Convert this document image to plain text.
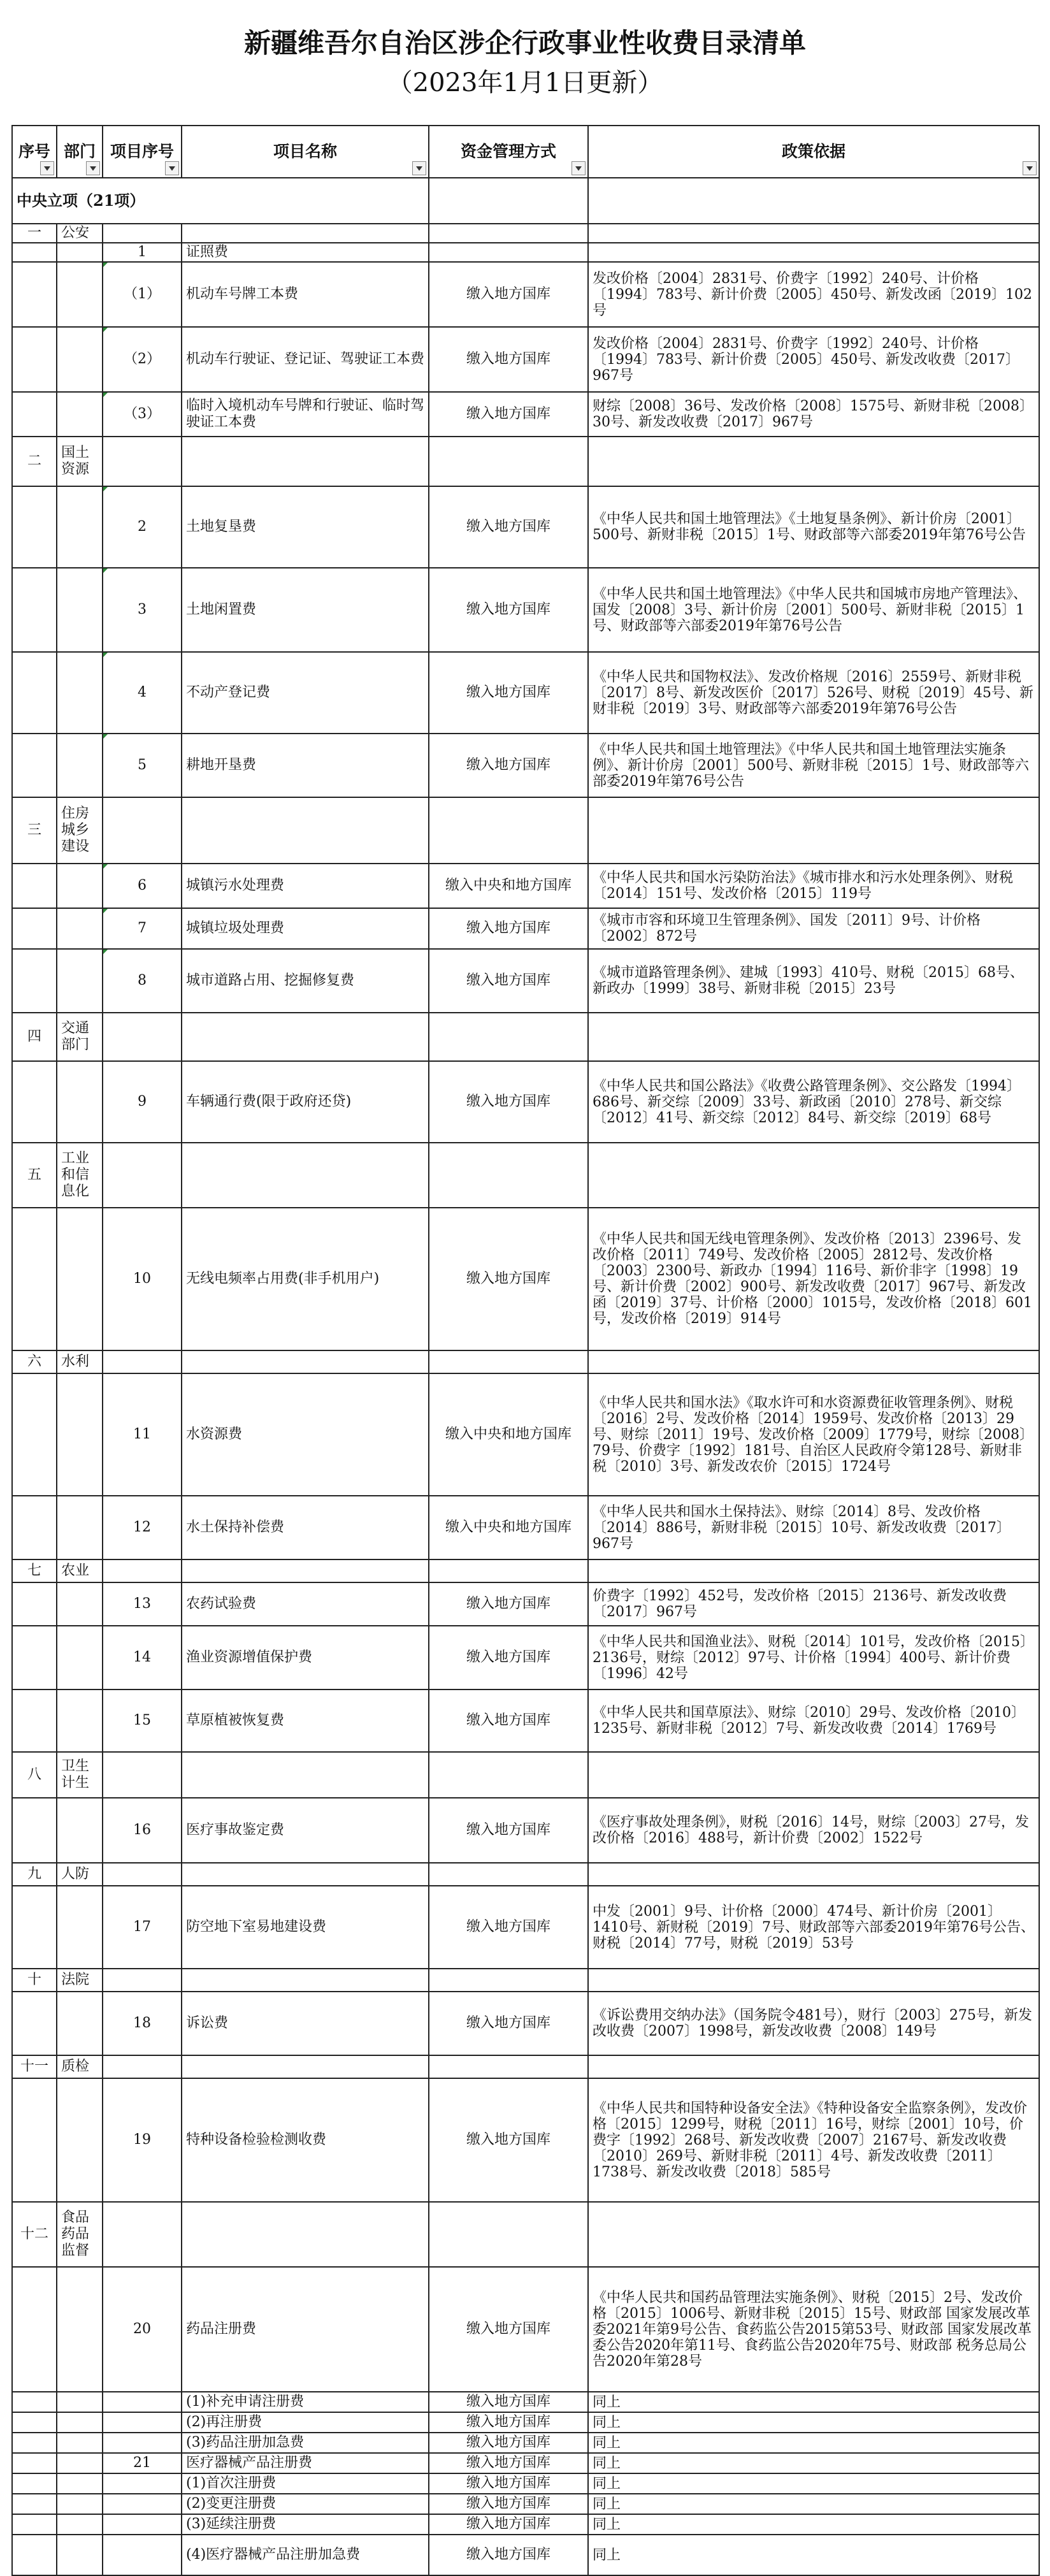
新疆维吾尔自治区涉企行政事业性收费目录清单
（2023年1月1日更新）
序号	部门	项目序号	项目名称	资金管理方式	政策依据

中央立项（21项）					
一	公安				
		1	证照费		
		（1）	机动车号牌工本费	缴入地方国库	发改价格〔2004〕2831号、价费字〔1992〕240号、计价格〔1994〕783号、新计价费〔2005〕450号、新发改函〔2019〕102号
		（2）	机动车行驶证、登记证、驾驶证工本费	缴入地方国库	发改价格〔2004〕2831号、价费字〔1992〕240号、计价格〔1994〕783号、新计价费〔2005〕450号、新发改收费〔2017〕967号
		（3）	临时入境机动车号牌和行驶证、临时驾驶证工本费	缴入地方国库	财综〔2008〕36号、发改价格〔2008〕1575号、新财非税〔2008〕30号、新发改收费〔2017〕967号
二	国土资源				
		2	土地复垦费	缴入地方国库	《中华人民共和国土地管理法》《土地复垦条例》、新计价房〔2001〕500号、新财非税〔2015〕1号、财政部等六部委2019年第76号公告
		3	土地闲置费	缴入地方国库	《中华人民共和国土地管理法》《中华人民共和国城市房地产管理法》、国发〔2008〕3号、新计价房〔2001〕500号、新财非税〔2015〕1号、财政部等六部委2019年第76号公告
		4	不动产登记费	缴入地方国库	《中华人民共和国物权法》、发改价格规〔2016〕2559号、新财非税〔2017〕8号、新发改医价〔2017〕526号、财税〔2019〕45号、新财非税〔2019〕3号、财政部等六部委2019年第76号公告
		5	耕地开垦费	缴入地方国库	《中华人民共和国土地管理法》《中华人民共和国土地管理法实施条例》、新计价房〔2001〕500号、新财非税〔2015〕1号、财政部等六部委2019年第76号公告
三	住房城乡建设				
		6	城镇污水处理费	缴入中央和地方国库	《中华人民共和国水污染防治法》《城市排水和污水处理条例》、财税〔2014〕151号、发改价格〔2015〕119号
		7	城镇垃圾处理费	缴入地方国库	《城市市容和环境卫生管理条例》、国发〔2011〕9号、计价格〔2002〕872号
		8	城市道路占用、挖掘修复费	缴入地方国库	《城市道路管理条例》、建城〔1993〕410号、财税〔2015〕68号、新政办〔1999〕38号、新财非税〔2015〕23号
四	交通部门				
		9	车辆通行费(限于政府还贷)	缴入地方国库	《中华人民共和国公路法》《收费公路管理条例》、交公路发〔1994〕686号、新交综〔2009〕33号、新政函〔2010〕278号、新交综〔2012〕41号、新交综〔2012〕84号、新交综〔2019〕68号
五	工业和信息化				
		10	无线电频率占用费(非手机用户)	缴入地方国库	《中华人民共和国无线电管理条例》、发改价格〔2013〕2396号、发改价格〔2011〕749号、发改价格〔2005〕2812号、发改价格〔2003〕2300号、新政办〔1994〕116号、新价非字〔1998〕19号、新计价费〔2002〕900号、新发改收费〔2017〕967号、新发改函〔2019〕37号、计价格〔2000〕1015号，发改价格〔2018〕601号，发改价格〔2019〕914号
六	水利				
		11	水资源费	缴入中央和地方国库	《中华人民共和国水法》《取水许可和水资源费征收管理条例》、财税〔2016〕2号、发改价格〔2014〕1959号、发改价格〔2013〕29号、财综〔2011〕19号、发改价格〔2009〕1779号，财综〔2008〕79号、价费字〔1992〕181号、自治区人民政府令第128号、新财非税〔2010〕3号、新发改农价〔2015〕1724号
		12	水土保持补偿费	缴入中央和地方国库	《中华人民共和国水土保持法》、财综〔2014〕8号、发改价格〔2014〕886号，新财非税〔2015〕10号、新发改收费〔2017〕967号
七	农业				
		13	农药试验费	缴入地方国库	价费字〔1992〕452号，发改价格〔2015〕2136号、新发改收费〔2017〕967号
		14	渔业资源增值保护费	缴入地方国库	《中华人民共和国渔业法》、财税〔2014〕101号，发改价格〔2015〕2136号，财综〔2012〕97号、计价格〔1994〕400号、新计价费〔1996〕42号
		15	草原植被恢复费	缴入地方国库	《中华人民共和国草原法》、财综〔2010〕29号、发改价格〔2010〕1235号、新财非税〔2012〕7号、新发改收费〔2014〕1769号
八	卫生计生				
		16	医疗事故鉴定费	缴入地方国库	《医疗事故处理条例》，财税〔2016〕14号，财综〔2003〕27号，发改价格〔2016〕488号，新计价费〔2002〕1522号
九	人防				
		17	防空地下室易地建设费	缴入地方国库	中发〔2001〕9号、计价格〔2000〕474号、新计价房〔2001〕1410号、新财税〔2019〕7号、财政部等六部委2019年第76号公告、财税〔2014〕77号，财税〔2019〕53号
十	法院				
		18	诉讼费	缴入地方国库	《诉讼费用交纳办法》（国务院令481号），财行〔2003〕275号，新发改收费〔2007〕1998号，新发改收费〔2008〕149号
十一	质检				
		19	特种设备检验检测收费	缴入地方国库	《中华人民共和国特种设备安全法》《特种设备安全监察条例》，发改价格〔2015〕1299号，财税〔2011〕16号，财综〔2001〕10号，价费字〔1992〕268号、新发改收费〔2007〕2167号、新发改收费〔2010〕269号、新财非税〔2011〕4号、新发改收费〔2011〕1738号、新发改收费〔2018〕585号
十二	食品药品监督				
		20	药品注册费	缴入地方国库	《中华人民共和国药品管理法实施条例》、财税〔2015〕2号、发改价格〔2015〕1006号、新财非税〔2015〕15号、财政部 国家发展改革委2021年第9号公告、食药监公告2015第53号、财政部 国家发展改革委公告2020年第11号、食药监公告2020年75号、财政部 税务总局公告2020年第28号
			(1)补充申请注册费	缴入地方国库	同上
			(2)再注册费	缴入地方国库	同上
			(3)药品注册加急费	缴入地方国库	同上
		21	医疗器械产品注册费	缴入地方国库	同上
			(1)首次注册费	缴入地方国库	同上
			(2)变更注册费	缴入地方国库	同上
			(3)延续注册费	缴入地方国库	同上
			(4)医疗器械产品注册加急费	缴入地方国库	同上
